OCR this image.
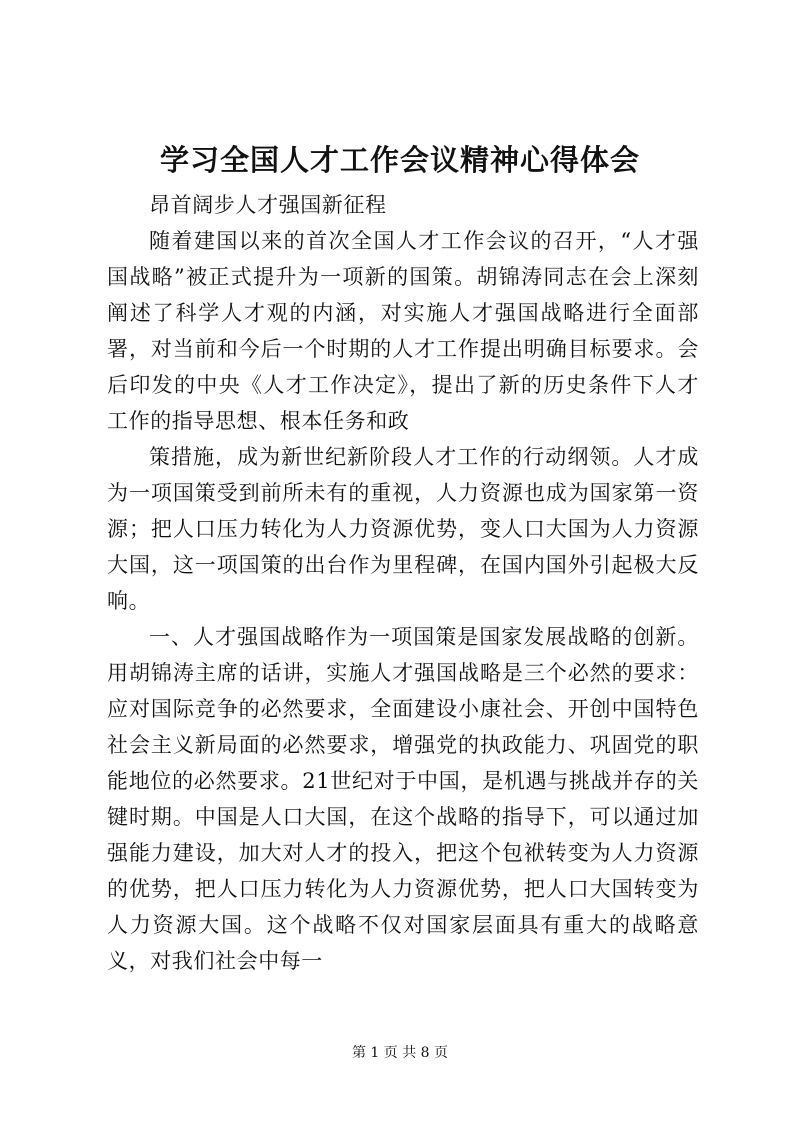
学习全国人才工作会议精神心得体会

昂首阔步人才强国新征程

随着建国以来的首次全国人才工作会议的召开，“人才强国战略”被正式提升为一项新的国策。胡锦涛同志在会上深刻阐述了科学人才观的内涵，对实施人才强国战略进行全面部署，对当前和今后一个时期的人才工作提出明确目标要求。会后印发的中央《人才工作决定》，提出了新的历史条件下人才工作的指导思想、根本任务和政

策措施，成为新世纪新阶段人才工作的行动纲领。人才成为一项国策受到前所未有的重视，人力资源也成为国家第一资源；把人口压力转化为人力资源优势，变人口大国为人力资源大国，这一项国策的出台作为里程碑，在国内国外引起极大反响。

一、人才强国战略作为一项国策是国家发展战略的创新。用胡锦涛主席的话讲，实施人才强国战略是三个必然的要求：应对国际竞争的必然要求，全面建设小康社会、开创中国特色社会主义新局面的必然要求，增强党的执政能力、巩固党的职能地位的必然要求。21世纪对于中国，是机遇与挑战并存的关键时期。中国是人口大国，在这个战略的指导下，可以通过加强能力建设，加大对人才的投入，把这个包袱转变为人力资源的优势，把人口压力转化为人力资源优势，把人口大国转变为人力资源大国。这个战略不仅对国家层面具有重大的战略意义，对我们社会中每一

第 1 页 共 8 页
